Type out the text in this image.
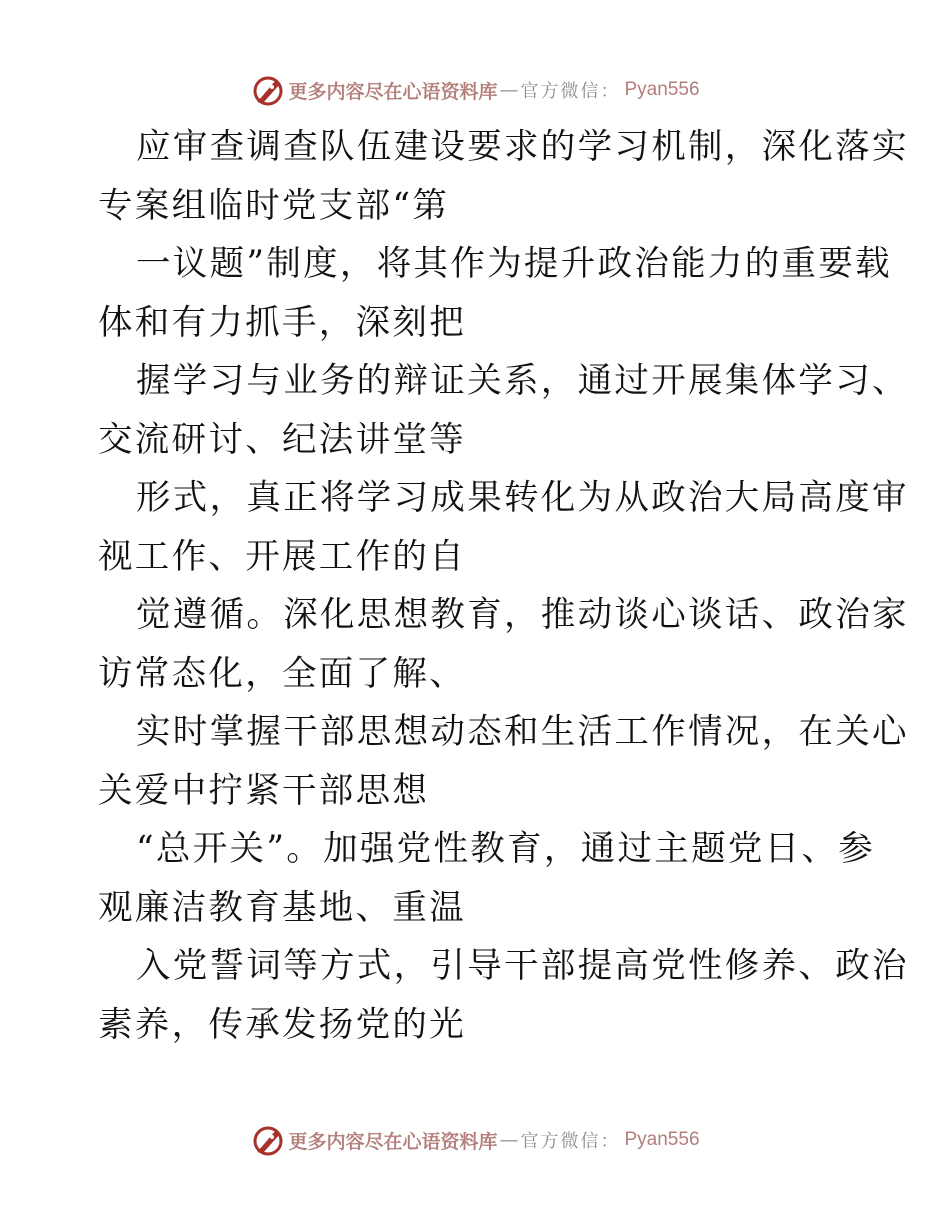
更多内容尽在心语资料库 — 官方微信 ： Pyan556
应审查调查队伍建设要求的学习机制，深化落实
专案组临时党支部“第
一议题”制度，将其作为提升政治能力的重要载
体和有力抓手，深刻把
握学习与业务的辩证关系，通过开展集体学习、
交流研讨、纪法讲堂等
形式，真正将学习成果转化为从政治大局高度审
视工作、开展工作的自
觉遵循。深化思想教育，推动谈心谈话、政治家
访常态化，全面了解、
实时掌握干部思想动态和生活工作情况，在关心
关爱中拧紧干部思想
“总开关”。加强党性教育，通过主题党日、参
观廉洁教育基地、重温
入党誓词等方式，引导干部提高党性修养、政治
素养，传承发扬党的光
更多内容尽在心语资料库 — 官方微信 ： Pyan556
